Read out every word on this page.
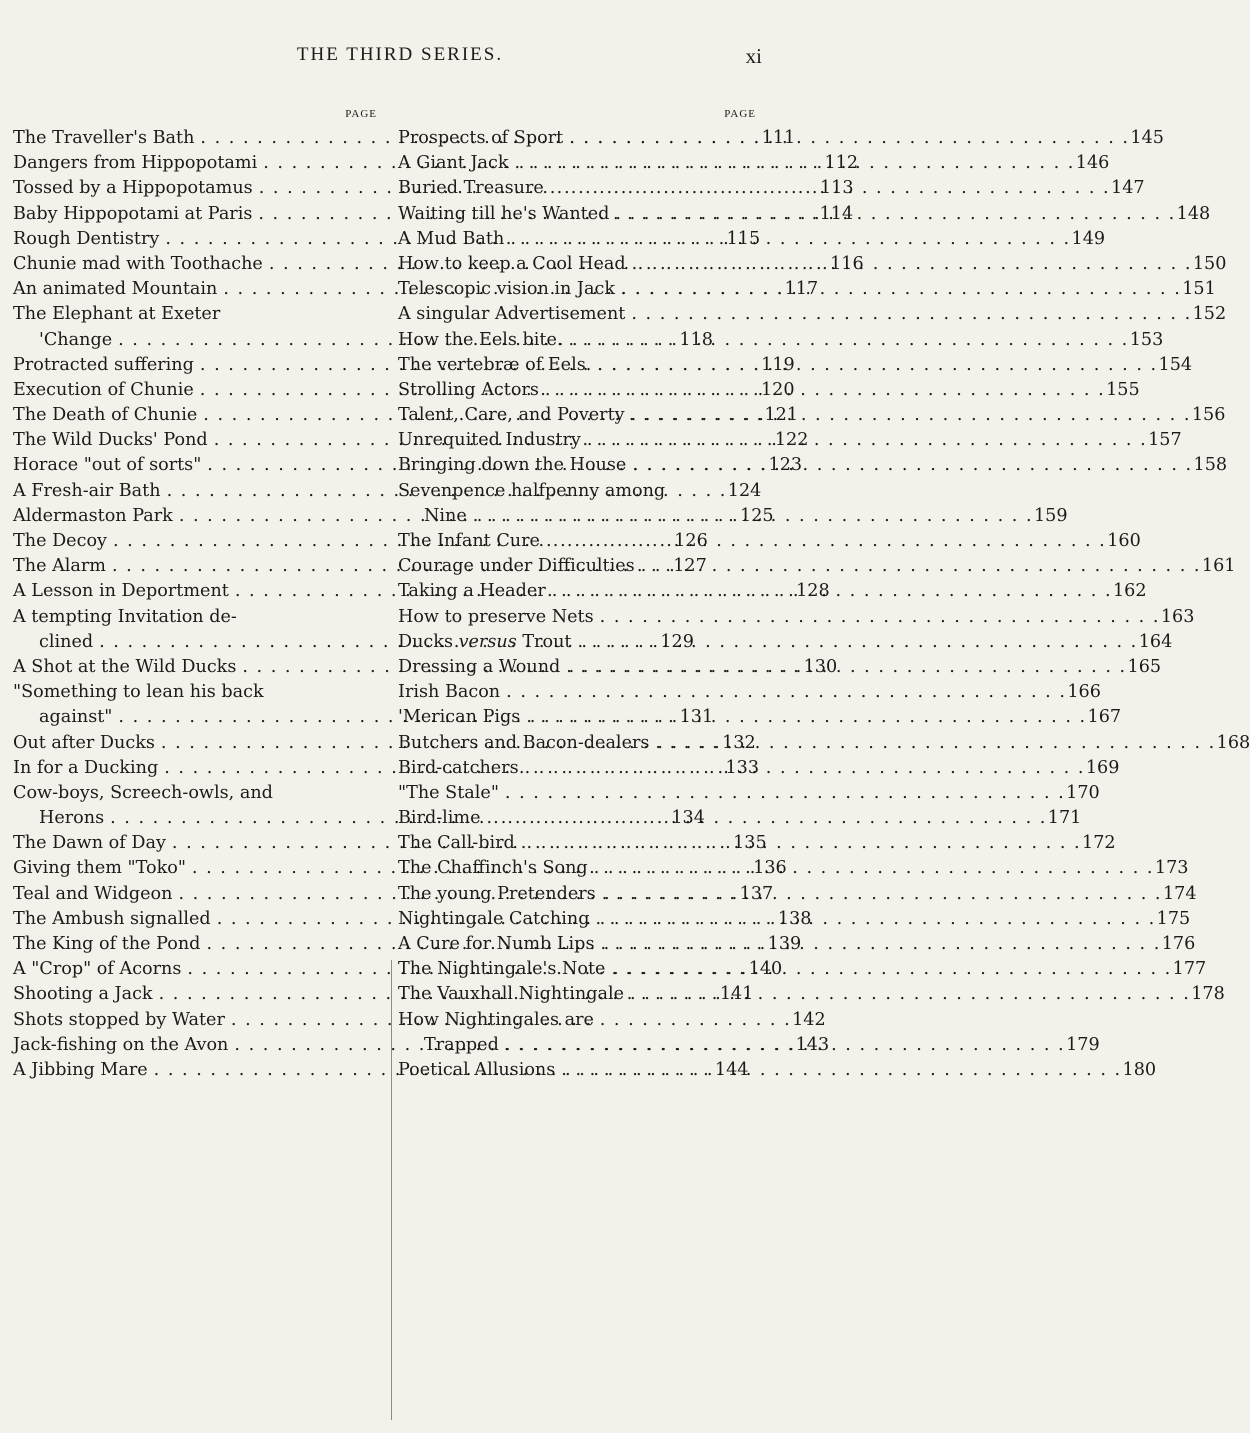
THE THIRD SERIES.	xi
PAGE
The Traveller's Bath . . .	111
Dangers from Hippopotami . . .	112
Tossed by a Hippopotamus . . .	113
Baby Hippopotami at Paris . . .	114
Rough Dentistry . . .	115
Chunie mad with Toothache . . .	116
An animated Mountain . . .	117
The Elephant at Exeter
'Change . . .	118
Protracted suffering . . .	119
Execution of Chunie . . .	120
The Death of Chunie . . .	121
The Wild Ducks' Pond . . .	122
Horace "out of sorts" . . .	123
A Fresh-air Bath . . .	124
Aldermaston Park . . .	125
The Decoy . . .	126
The Alarm . . .	127
A Lesson in Deportment . . .	128
A tempting Invitation de-
clined . . .	129
A Shot at the Wild Ducks . . .	130
"Something to lean his back
against" . . .	131
Out after Ducks . . .	132
In for a Ducking . . .	133
Cow-boys, Screech-owls, and
Herons . . .	134
The Dawn of Day . . .	135
Giving them "Toko" . . .	136
Teal and Widgeon . . .	137
The Ambush signalled . . .	138
The King of the Pond . . .	139
A "Crop" of Acorns . . .	140
Shooting a Jack . . .	141
Shots stopped by Water . . .	142
Jack-fishing on the Avon . . .	143
A Jibbing Mare . . .	144
PAGE
Prospects of Sport . . .	145
A Giant Jack . . .	146
Buried Treasure . . .	147
Waiting till he's Wanted . . .	148
A Mud Bath . . .	149
How to keep a Cool Head . . .	150
Telescopic vision in Jack . . .	151
A singular Advertisement . . .	152
How the Eels bite. . . .	153
The vertebræ of Eels. . . .	154
Strolling Actors . . .	155
Talent, Care, and Poverty . . .	156
Unrequited Industry . . .	157
Bringing down the House . . .	158
Sevenpence halfpenny among
Nine . . .	159
The Infant Cure . . .	160
Courage under Difficulties . . .	161
Taking a Header . . .	162
How to preserve Nets . . .	163
Ducks versus Trout . . .	164
Dressing a Wound . . .	165
Irish Bacon . . .	166
'Merican Pigs . . .	167
Butchers and Bacon-dealers . . .	168
Bird-catchers . . .	169
"The Stale" . . .	170
Bird-lime . . .	171
The Call-bird . . .	172
The Chaffinch's Song . . .	173
The young Pretenders . . .	174
Nightingale Catching . . .	175
A Cure for Numb Lips . . .	176
The Nightingale's Note . . .	177
The Vauxhall Nightingale . . .	178
How Nightingales are
Trapped . . .	179
Poetical Allusions . . .	180
